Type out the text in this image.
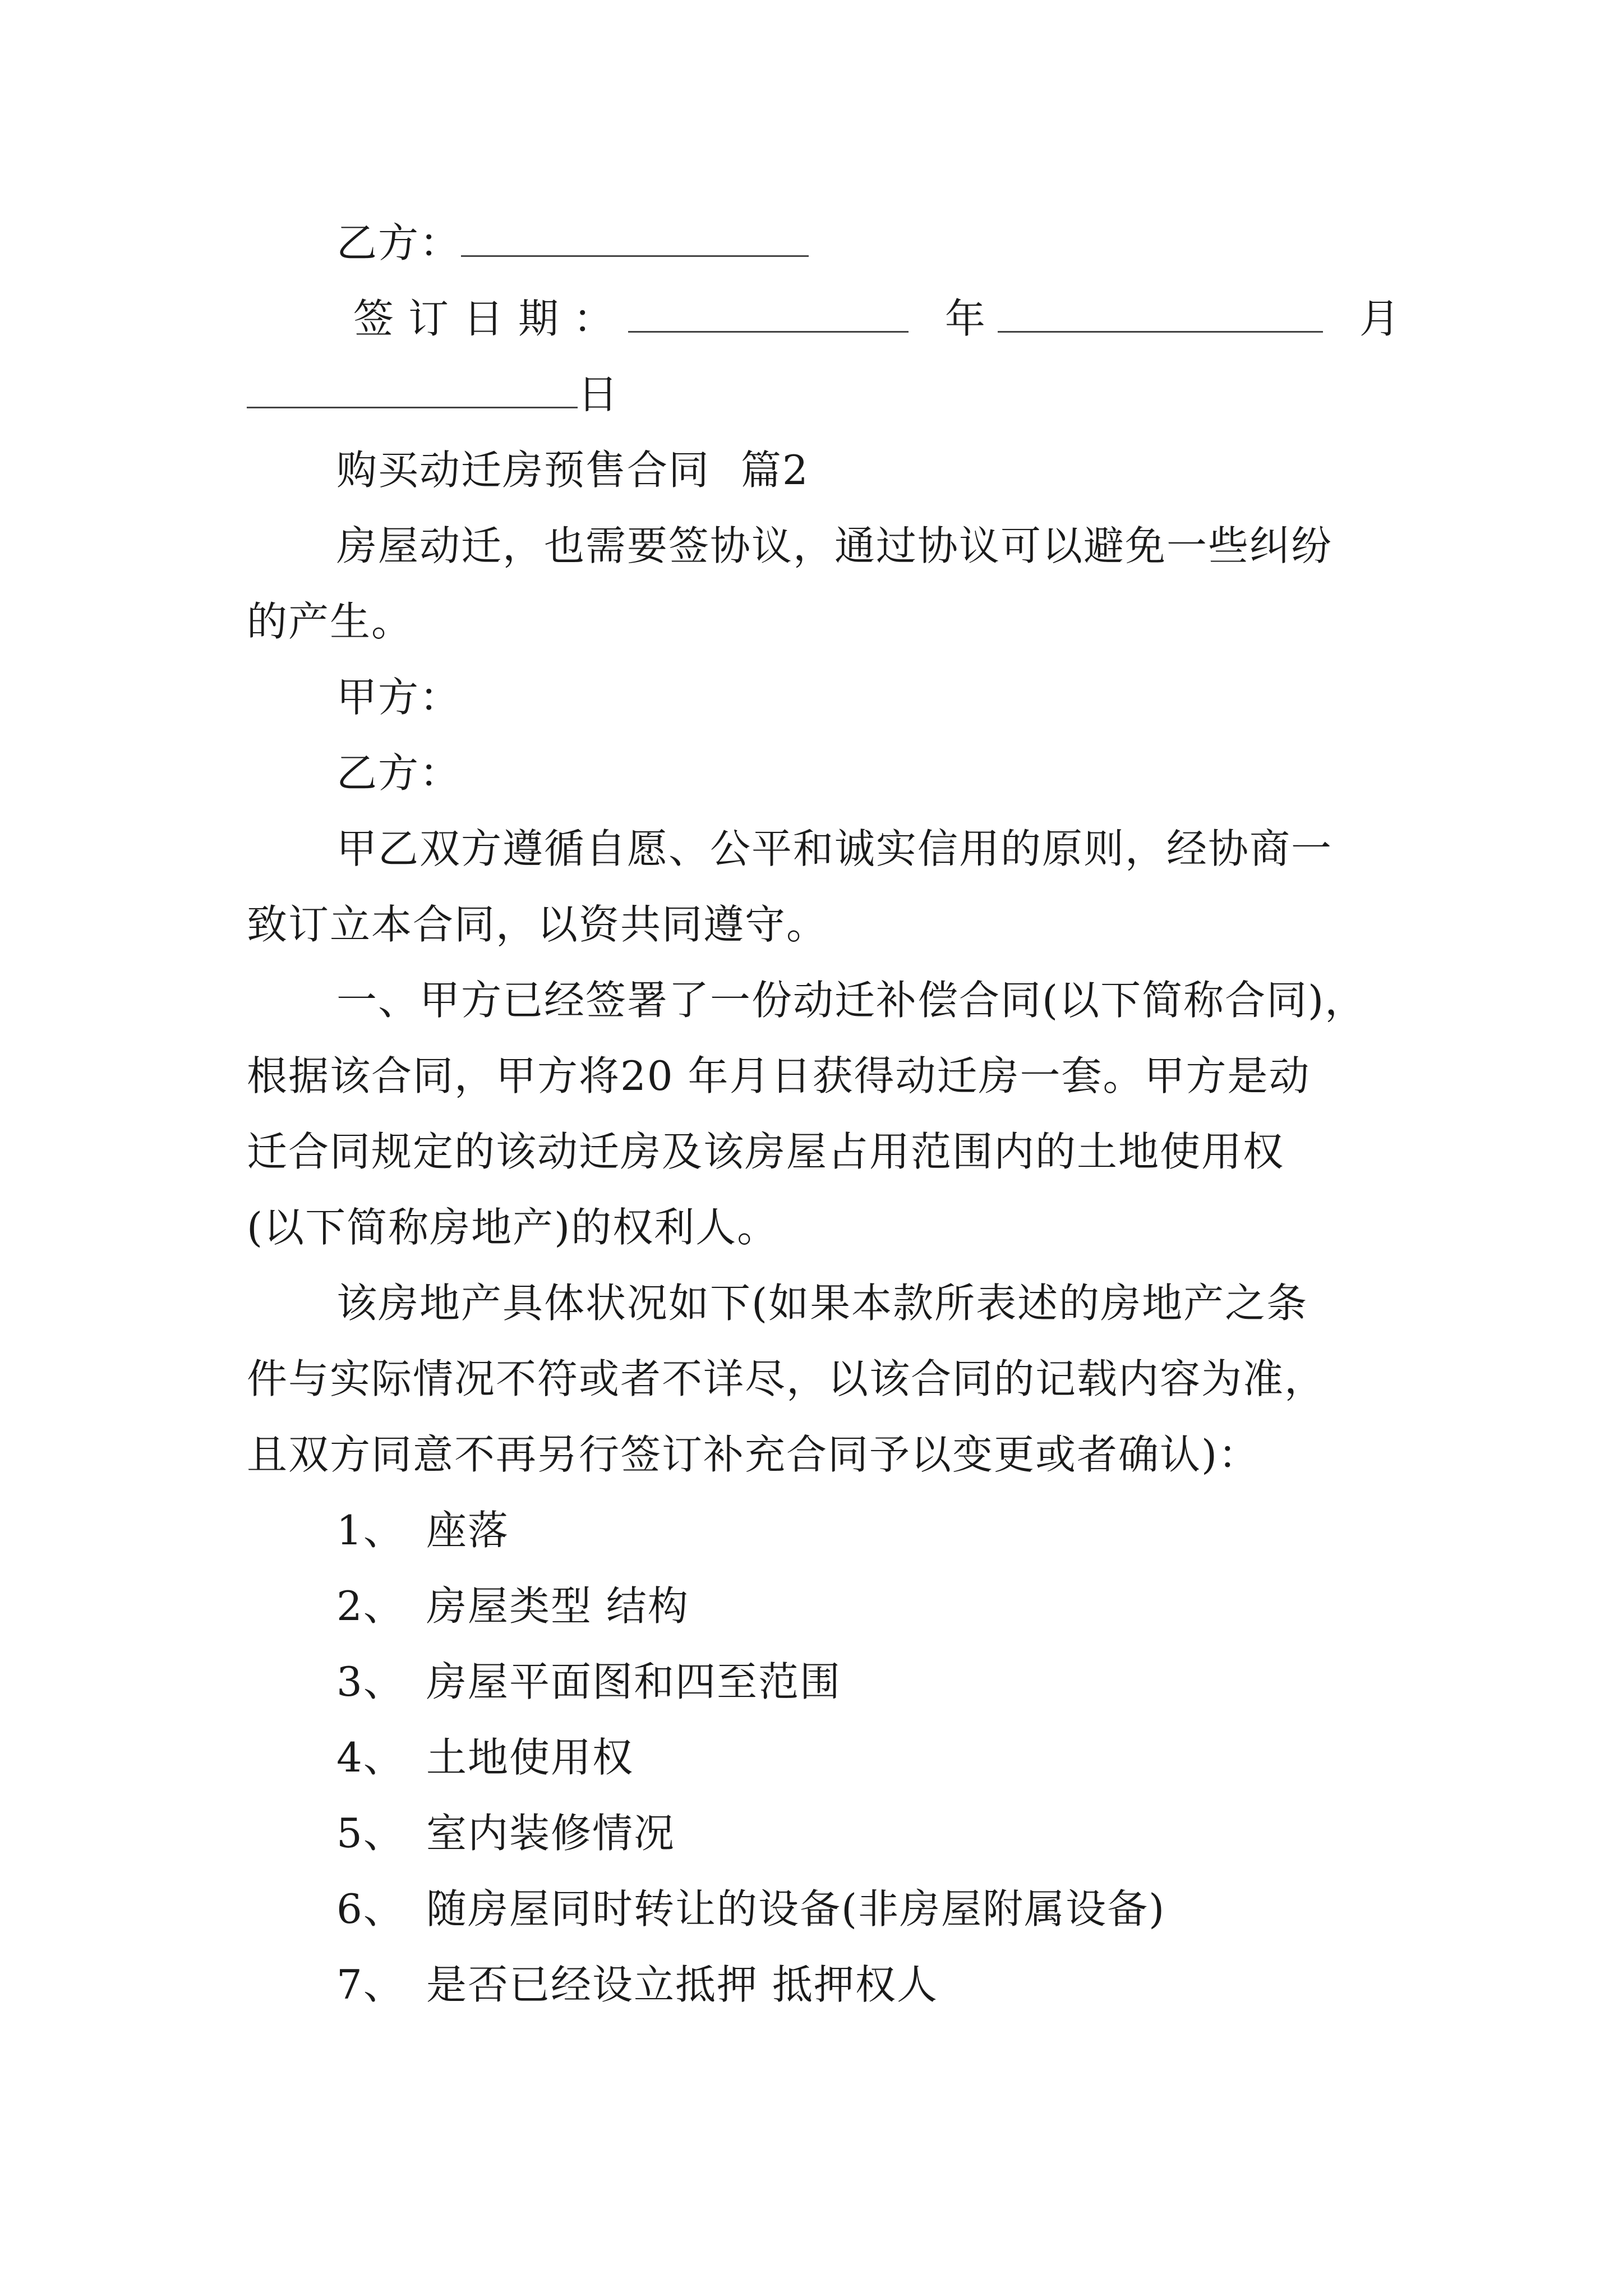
乙方：
签订日期：	年	月
日
购买动迁房预售合同 篇2
房屋动迁，也需要签协议，通过协议可以避免一些纠纷
的产生。
甲方：
乙方：
甲乙双方遵循自愿、公平和诚实信用的原则，经协商一
致订立本合同，以资共同遵守。
一、甲方已经签署了一份动迁补偿合同(以下简称合同)，
根据该合同，甲方将20 年月日获得动迁房一套。甲方是动
迁合同规定的该动迁房及该房屋占用范围内的土地使用权
(以下简称房地产)的权利人。
该房地产具体状况如下(如果本款所表述的房地产之条
件与实际情况不符或者不详尽，以该合同的记载内容为准，
且双方同意不再另行签订补充合同予以变更或者确认)：
1、 座落
2、 房屋类型 结构
3、 房屋平面图和四至范围
4、 土地使用权
5、 室内装修情况
6、 随房屋同时转让的设备(非房屋附属设备)
7、 是否已经设立抵押 抵押权人
